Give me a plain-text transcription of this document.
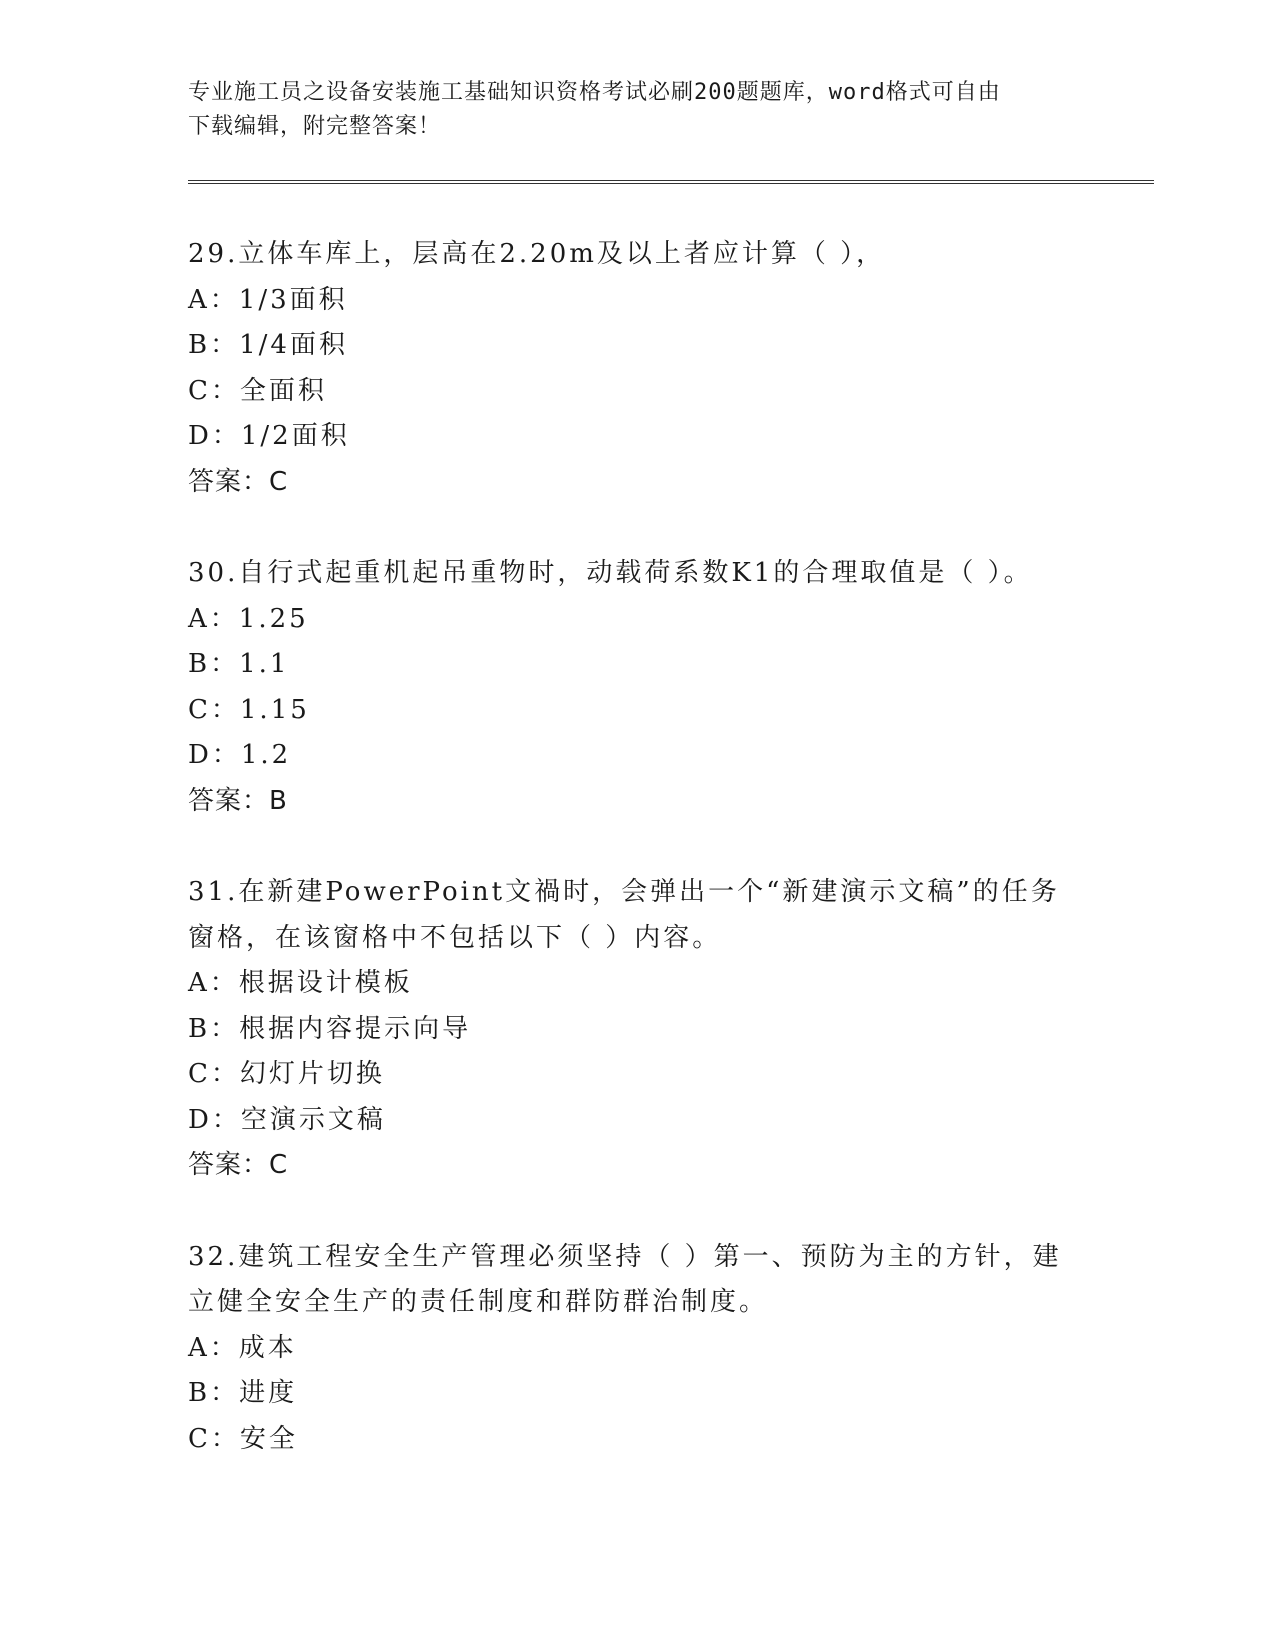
专业施工员之设备安装施工基础知识资格考试必刷200题题库，word格式可自由
下载编辑，附完整答案！
29.立体车库上，层高在2.20m及以上者应计算（ ），
A：1/3面积
B：1/4面积
C：全面积
D：1/2面积
答案：C
30.自行式起重机起吊重物时，动载荷系数K1的合理取值是（ ）。
A：1.25
B：1.1
C：1.15
D：1.2
答案：B
31.在新建PowerPoint文禍时，会弹出一个“新建演示文稿”的任务
窗格，在该窗格中不包括以下（ ）内容。
A：根据设计模板
B：根据内容提示向导
C：幻灯片切换
D：空演示文稿
答案：C
32.建筑工程安全生产管理必须坚持（ ）第一、预防为主的方针，建
立健全安全生产的责任制度和群防群治制度。
A：成本
B：进度
C：安全
